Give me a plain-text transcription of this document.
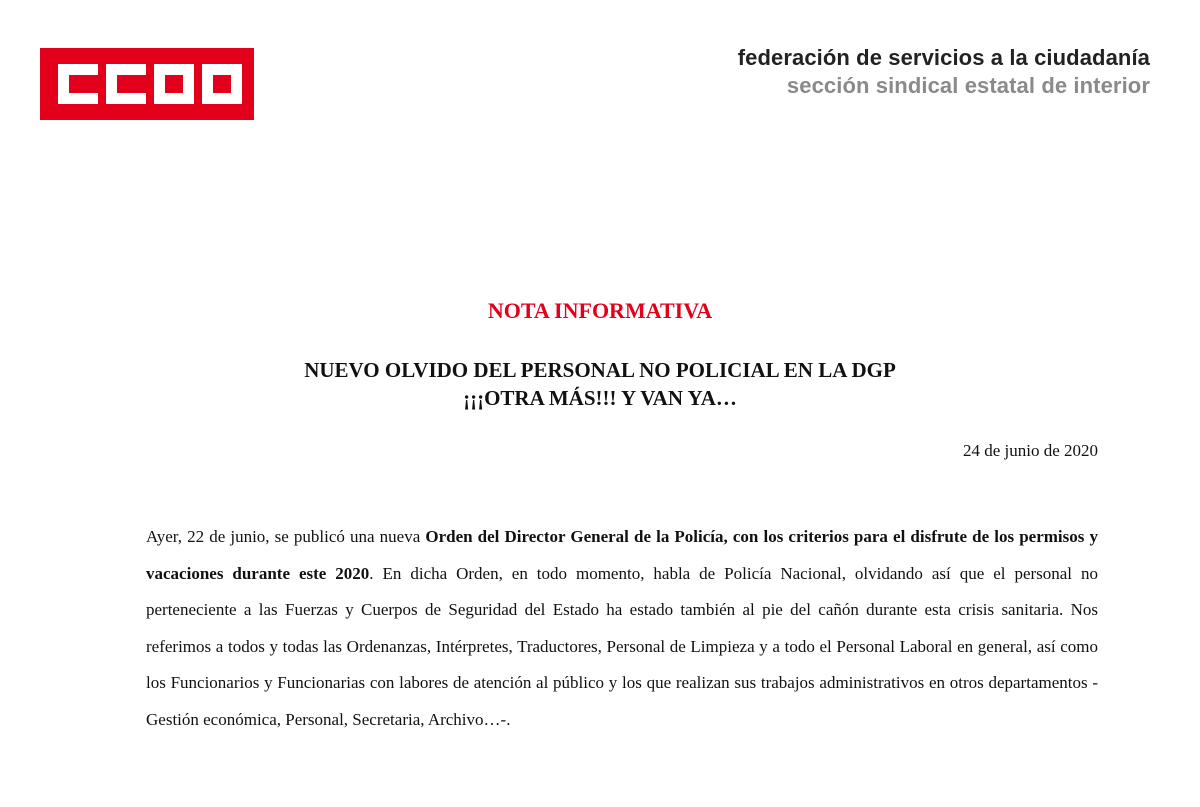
federación de servicios a la ciudadanía
sección sindical estatal de interior
NOTA INFORMATIVA
NUEVO OLVIDO DEL PERSONAL NO POLICIAL EN LA DGP
¡¡¡OTRA MÁS!!! Y VAN YA…
24 de junio de 2020

Ayer, 22 de junio, se publicó una nueva Orden del Director General de la Policía, con los criterios para el disfrute de los permisos y vacaciones durante este 2020. En dicha Orden, en todo momento, habla de Policía Nacional, olvidando así que el personal no perteneciente a las Fuerzas y Cuerpos de Seguridad del Estado ha estado también al pie del cañón durante esta crisis sanitaria. Nos referimos a todos y todas las Ordenanzas, Intérpretes, Traductores, Personal de Limpieza y a todo el Personal Laboral en general, así como los Funcionarios y Funcionarias con labores de atención al público y los que realizan sus trabajos administrativos en otros departamentos -Gestión económica, Personal, Secretaria, Archivo…-.
